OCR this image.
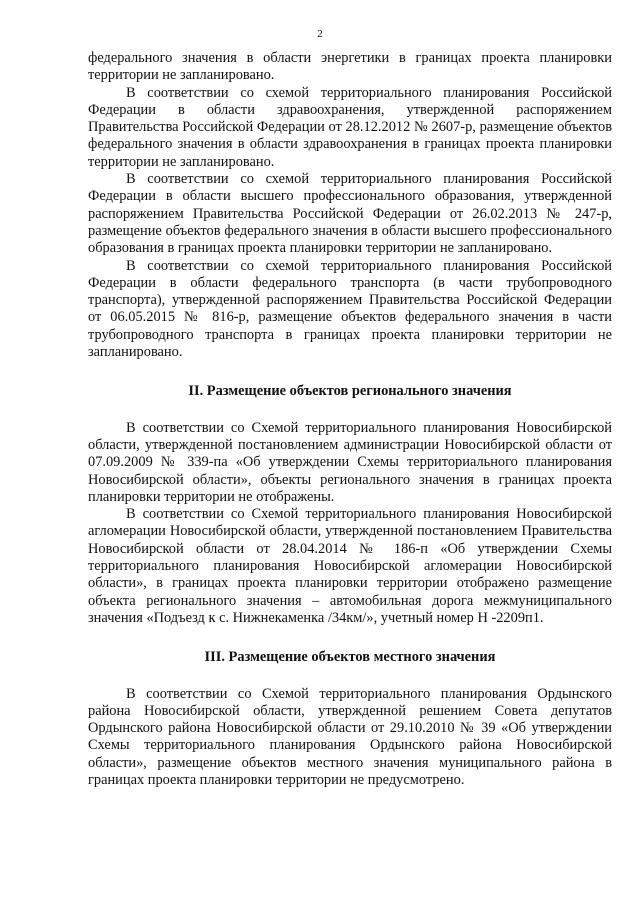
2

федерального значения в области энергетики в границах проекта планировки территории не запланировано.

В соответствии со схемой территориального планирования Российской Федерации в области здравоохранения, утвержденной распоряжением Правительства Российской Федерации от 28.12.2012 № 2607-р, размещение объектов федерального значения в области здравоохранения в границах проекта планировки территории не запланировано.

В соответствии со схемой территориального планирования Российской Федерации в области высшего профессионального образования, утвержденной распоряжением Правительства Российской Федерации от 26.02.2013 № 247-р, размещение объектов федерального значения в области высшего профессионального образования в границах проекта планировки территории не запланировано.

В соответствии со схемой территориального планирования Российской Федерации в области федерального транспорта (в части трубопроводного транспорта), утвержденной распоряжением Правительства Российской Федерации от 06.05.2015 № 816-р, размещение объектов федерального значения в части трубопроводного транспорта в границах проекта планировки территории не запланировано.

II. Размещение объектов регионального значения

В соответствии со Схемой территориального планирования Новосибирской области, утвержденной постановлением администрации Новосибирской области от 07.09.2009 № 339-па «Об утверждении Схемы территориального планирования Новосибирской области», объекты регионального значения в границах проекта планировки территории не отображены.

В соответствии со Схемой территориального планирования Новосибирской агломерации Новосибирской области, утвержденной постановлением Правительства Новосибирской области от 28.04.2014 № 186-п «Об утверждении Схемы территориального планирования Новосибирской агломерации Новосибирской области», в границах проекта планировки территории отображено размещение объекта регионального значения – автомобильная дорога межмуниципального значения «Подъезд к с. Нижнекаменка /34км/», учетный номер Н -2209п1.

III. Размещение объектов местного значения

В соответствии со Схемой территориального планирования Ордынского района Новосибирской области, утвержденной решением Совета депутатов Ордынского района Новосибирской области от 29.10.2010 № 39 «Об утверждении Схемы территориального планирования Ордынского района Новосибирской области», размещение объектов местного значения муниципального района в границах проекта планировки территории не предусмотрено.
